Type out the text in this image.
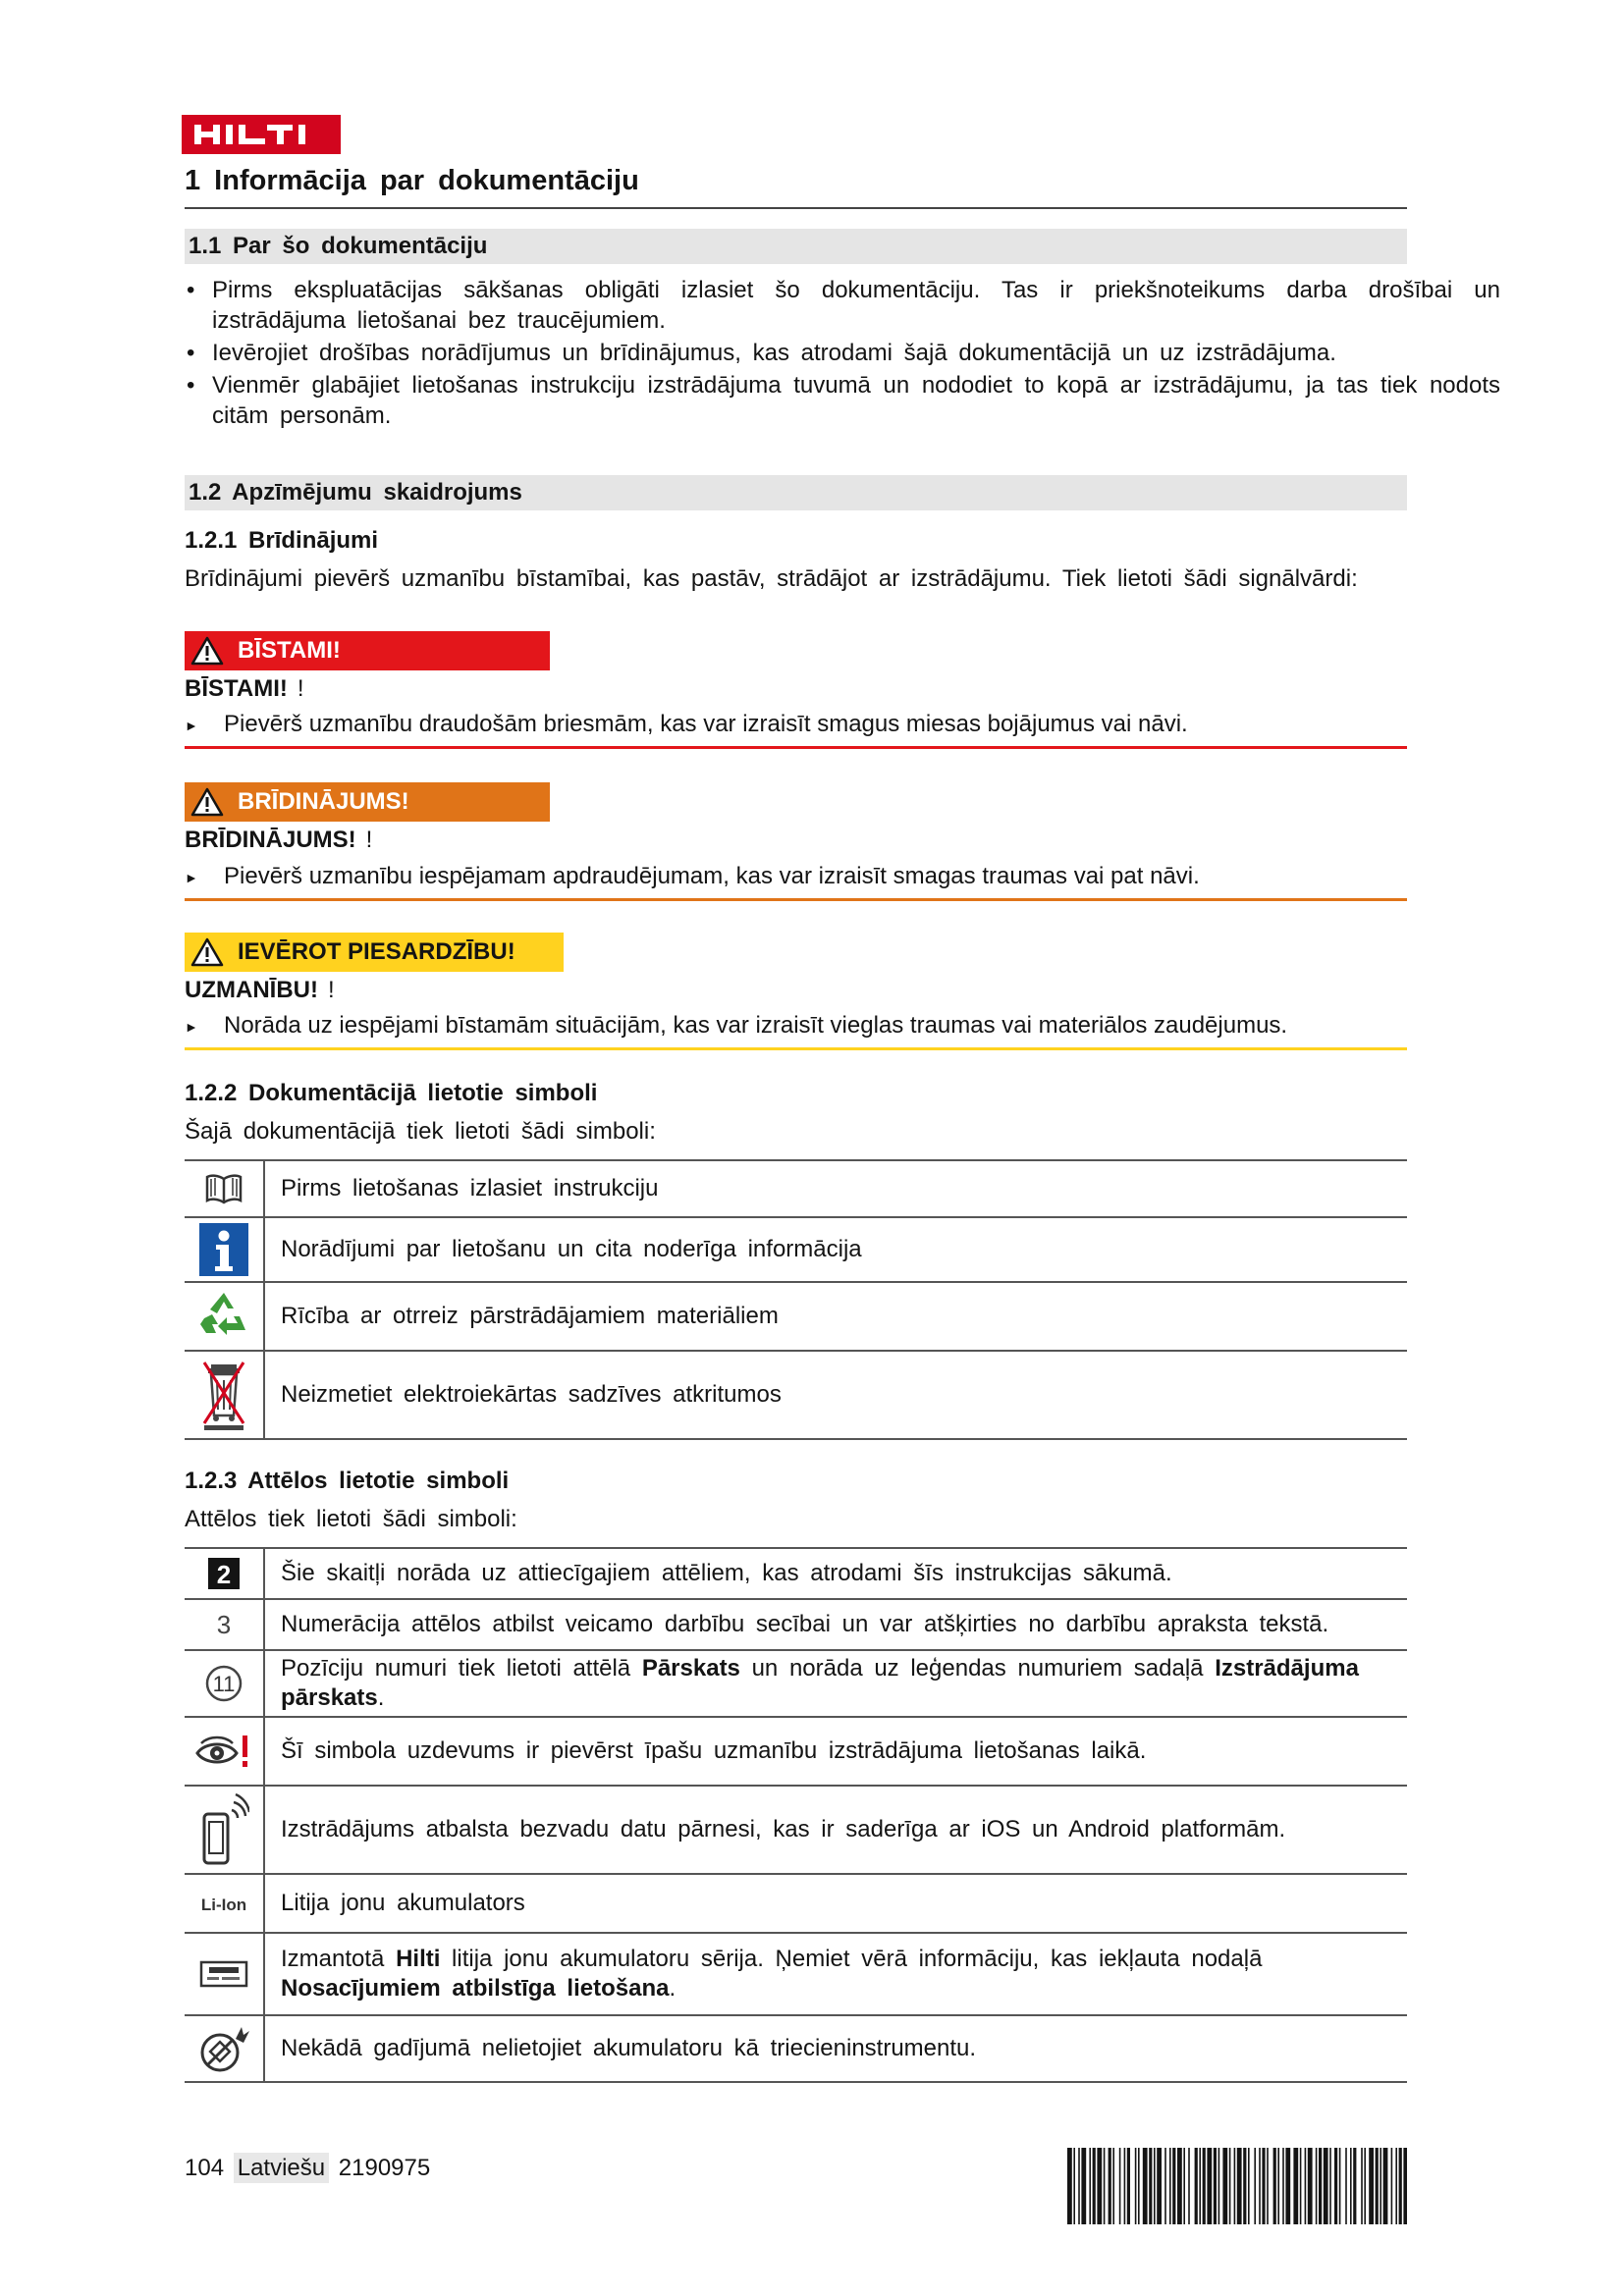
1 Informācija par dokumentāciju
1.1 Par šo dokumentāciju
• Pirms ekspluatācijas sākšanas obligāti izlasiet šo dokumentāciju. Tas ir priekšnoteikums darba drošībai un izstrādājuma lietošanai bez traucējumiem.
• Ievērojiet drošības norādījumus un brīdinājumus, kas atrodami šajā dokumentācijā un uz izstrādājuma.
• Vienmēr glabājiet lietošanas instrukciju izstrādājuma tuvumā un nododiet to kopā ar izstrādājumu, ja tas tiek nodots citām personām.
1.2 Apzīmējumu skaidrojums
1.2.1 Brīdinājumi
Brīdinājumi pievērš uzmanību bīstamībai, kas pastāv, strādājot ar izstrādājumu. Tiek lietoti šādi signālvārdi:
BĪSTAMI!
BĪSTAMI! !
► Pievērš uzmanību draudošām briesmām, kas var izraisīt smagus miesas bojājumus vai nāvi.
BRĪDINĀJUMS!
BRĪDINĀJUMS! !
► Pievērš uzmanību iespējamam apdraudējumam, kas var izraisīt smagas traumas vai pat nāvi.
IEVĒROT PIESARDZĪBU!
UZMANĪBU! !
► Norāda uz iespējami bīstamām situācijām, kas var izraisīt vieglas traumas vai materiālos zaudējumus.
1.2.2 Dokumentācijā lietotie simboli
Šajā dokumentācijā tiek lietoti šādi simboli:
	Pirms lietošanas izlasiet instrukciju

	Norādījumi par lietošanu un cita noderīga informācija

	Rīcība ar otrreiz pārstrādājamiem materiāliem

	Neizmetiet elektroiekārtas sadzīves atkritumos
1.2.3 Attēlos lietotie simboli
Attēlos tiek lietoti šādi simboli:
2	Šie skaitļi norāda uz attiecīgajiem attēliem, kas atrodami šīs instrukcijas sākumā.
3	Numerācija attēlos atbilst veicamo darbību secībai un var atšķirties no darbību apraksta tekstā.

11	Pozīciju numuri tiek lietoti attēlā Pārskats un norāda uz leģendas numuriem sadaļā Izstrādājuma pārskats.

	Šī simbola uzdevums ir pievērst īpašu uzmanību izstrādājuma lietošanas laikā.

	Izstrādājums atbalsta bezvadu datu pārnesi, kas ir saderīga ar iOS un Android platformām.
Li-Ion	Litija jonu akumulators

	Izmantotā Hilti litija jonu akumulatoru sērija. Ņemiet vērā informāciju, kas iekļauta nodaļā Nosacījumiem atbilstīga lietošana.

	Nekādā gadījumā nelietojiet akumulatoru kā triecieninstrumentu.
104 Latviešu 2190975
